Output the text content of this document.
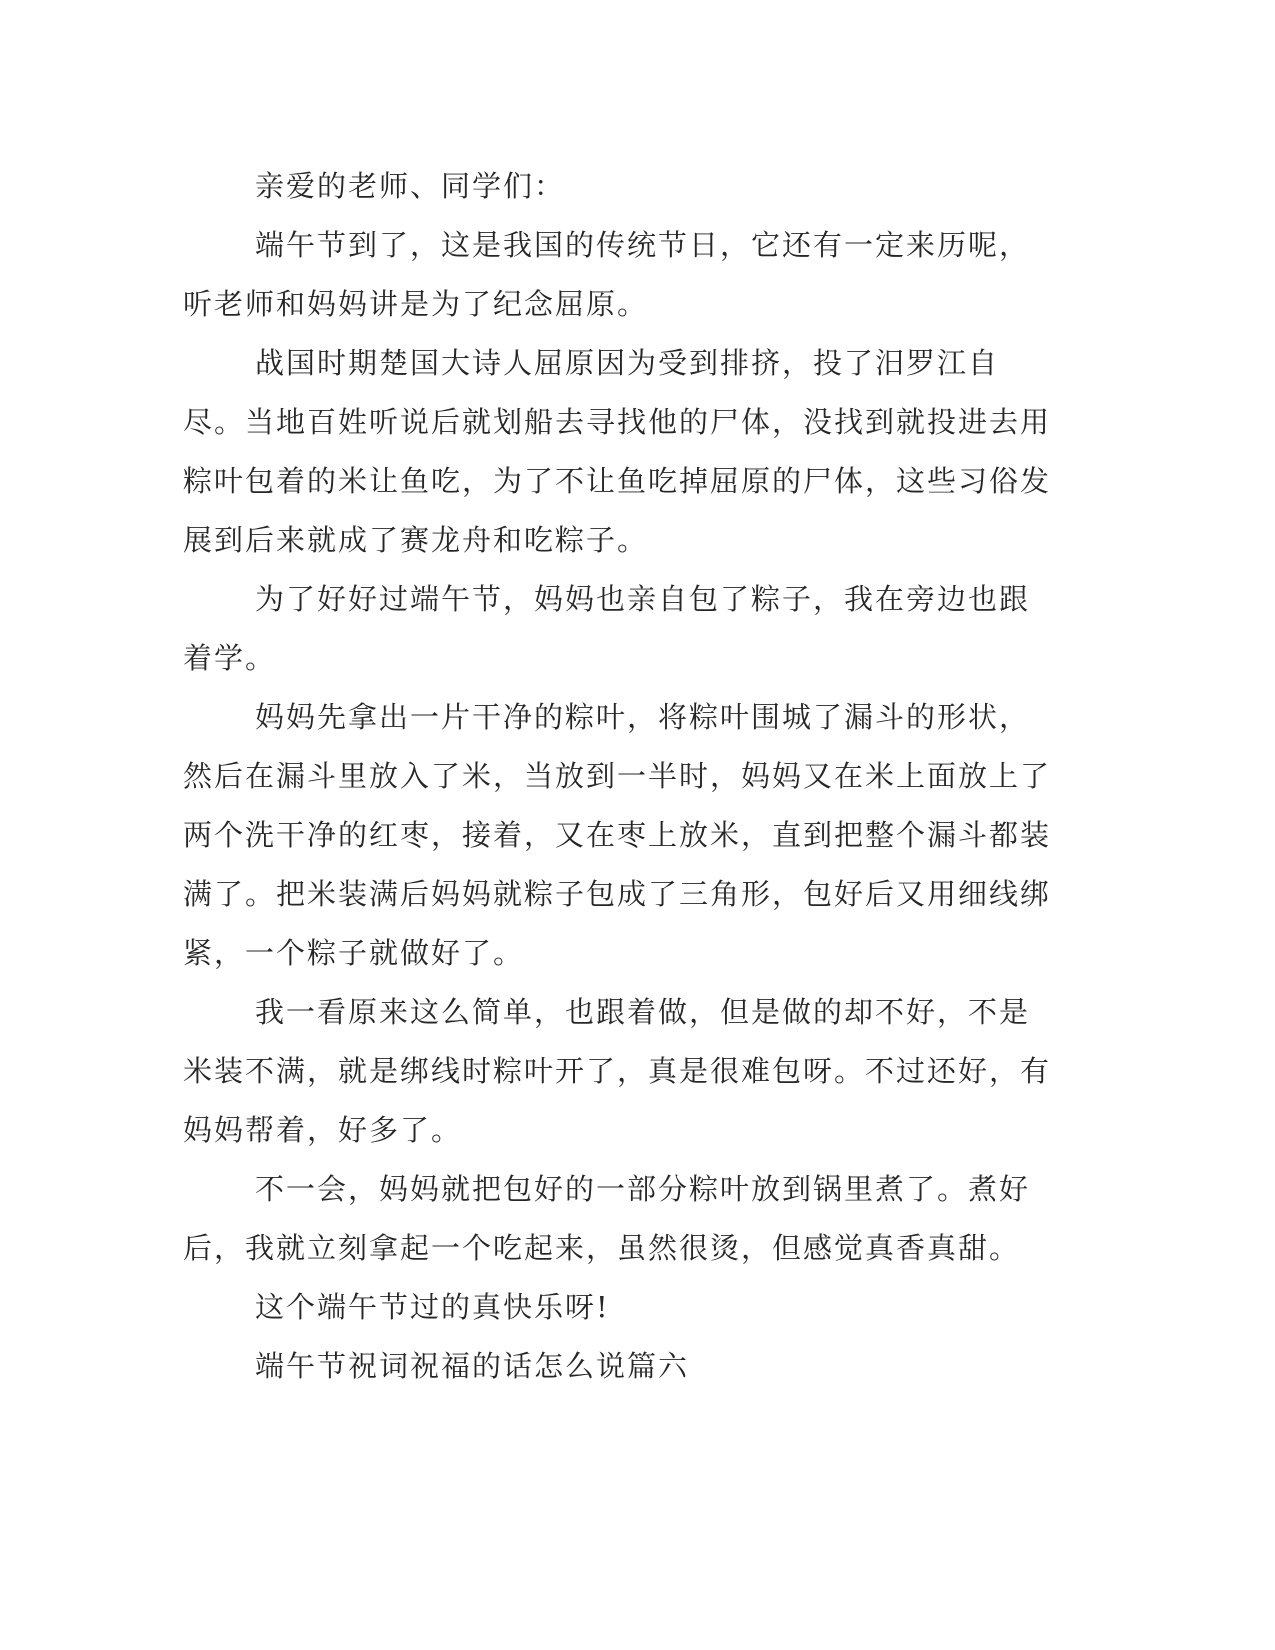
亲爱的老师、同学们：

端午节到了，这是我国的传统节日，它还有一定来历呢，听老师和妈妈讲是为了纪念屈原。

战国时期楚国大诗人屈原因为受到排挤，投了汨罗江自尽。当地百姓听说后就划船去寻找他的尸体，没找到就投进去用粽叶包着的米让鱼吃，为了不让鱼吃掉屈原的尸体，这些习俗发展到后来就成了赛龙舟和吃粽子。

为了好好过端午节，妈妈也亲自包了粽子，我在旁边也跟着学。

妈妈先拿出一片干净的粽叶，将粽叶围城了漏斗的形状，然后在漏斗里放入了米，当放到一半时，妈妈又在米上面放上了两个洗干净的红枣，接着，又在枣上放米，直到把整个漏斗都装满了。把米装满后妈妈就粽子包成了三角形，包好后又用细线绑紧，一个粽子就做好了。

我一看原来这么简单，也跟着做，但是做的却不好，不是米装不满，就是绑线时粽叶开了，真是很难包呀。不过还好，有妈妈帮着，好多了。

不一会，妈妈就把包好的一部分粽叶放到锅里煮了。煮好后，我就立刻拿起一个吃起来，虽然很烫，但感觉真香真甜。

这个端午节过的真快乐呀!

端午节祝词祝福的话怎么说篇六
